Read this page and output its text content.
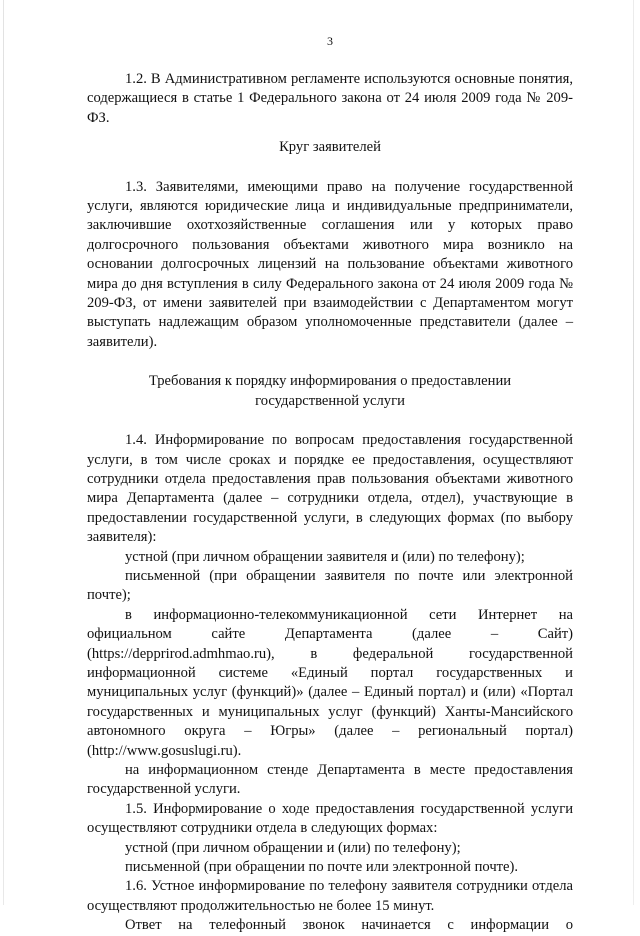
3

1.2. В Административном регламенте используются основные понятия, содержащиеся в статье 1 Федерального закона от 24 июля 2009 года № 209-ФЗ.

Круг заявителей

1.3. Заявителями, имеющими право на получение государственной услуги, являются юридические лица и индивидуальные предприниматели, заключившие охотхозяйственные соглашения или у которых право долгосрочного пользования объектами животного мира возникло на основании долгосрочных лицензий на пользование объектами животного мира до дня вступления в силу Федерального закона от 24 июля 2009 года № 209-ФЗ, от имени заявителей при взаимодействии с Департаментом могут выступать надлежащим образом уполномоченные представители (далее – заявители).

Требования к порядку информирования о предоставлении

государственной услуги

1.4. Информирование по вопросам предоставления государственной услуги, в том числе сроках и порядке ее предоставления, осуществляют сотрудники отдела предоставления прав пользования объектами животного мира Департамента (далее – сотрудники отдела, отдел), участвующие в предоставлении государственной услуги, в следующих формах (по выбору заявителя):

устной (при личном обращении заявителя и (или) по телефону);

письменной (при обращении заявителя по почте или электронной почте);

в информационно-телекоммуникационной сети Интернет на официальном сайте Департамента (далее – Сайт) (https://depprirod.admhmao.ru), в федеральной государственной информационной системе «Единый портал государственных и муниципальных услуг (функций)» (далее – Единый портал) и (или) «Портал государственных и муниципальных услуг (функций) Ханты-Мансийского автономного округа – Югры» (далее – региональный портал) (http://www.gosuslugi.ru).

на информационном стенде Департамента в месте предоставления государственной услуги.

1.5. Информирование о ходе предоставления государственной услуги осуществляют сотрудники отдела в следующих формах:

устной (при личном обращении и (или) по телефону);

письменной (при обращении по почте или электронной почте).

1.6. Устное информирование по телефону заявителя сотрудники отдела осуществляют продолжительностью не более 15 минут.

Ответ на телефонный звонок начинается с информации о
